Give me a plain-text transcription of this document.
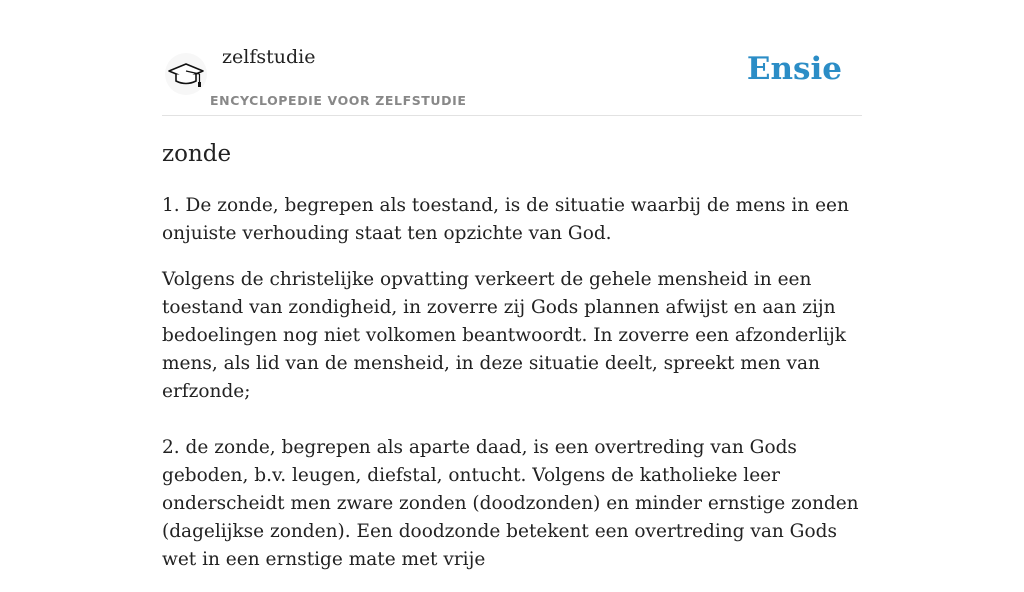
zelfstudie
ENCYCLOPEDIE VOOR ZELFSTUDIE
Ensie
zonde

1. De zonde, begrepen als toestand, is de situatie waarbij de mens in een onjuiste verhouding staat ten opzichte van God.

Volgens de christelijke opvatting verkeert de gehele mensheid in een toestand van zondigheid, in zoverre zij Gods plannen afwijst en aan zijn bedoelingen nog niet volkomen beantwoordt. In zoverre een afzonderlijk mens, als lid van de mensheid, in deze situatie deelt, spreekt men van erfzonde;

2. de zonde, begrepen als aparte daad, is een overtreding van Gods geboden, b.v. leugen, diefstal, ontucht. Volgens de katholieke leer onderscheidt men zware zonden (doodzonden) en minder ernstige zonden (dagelijkse zonden). Een doodzonde betekent een overtreding van Gods wet in een ernstige mate met vrije
